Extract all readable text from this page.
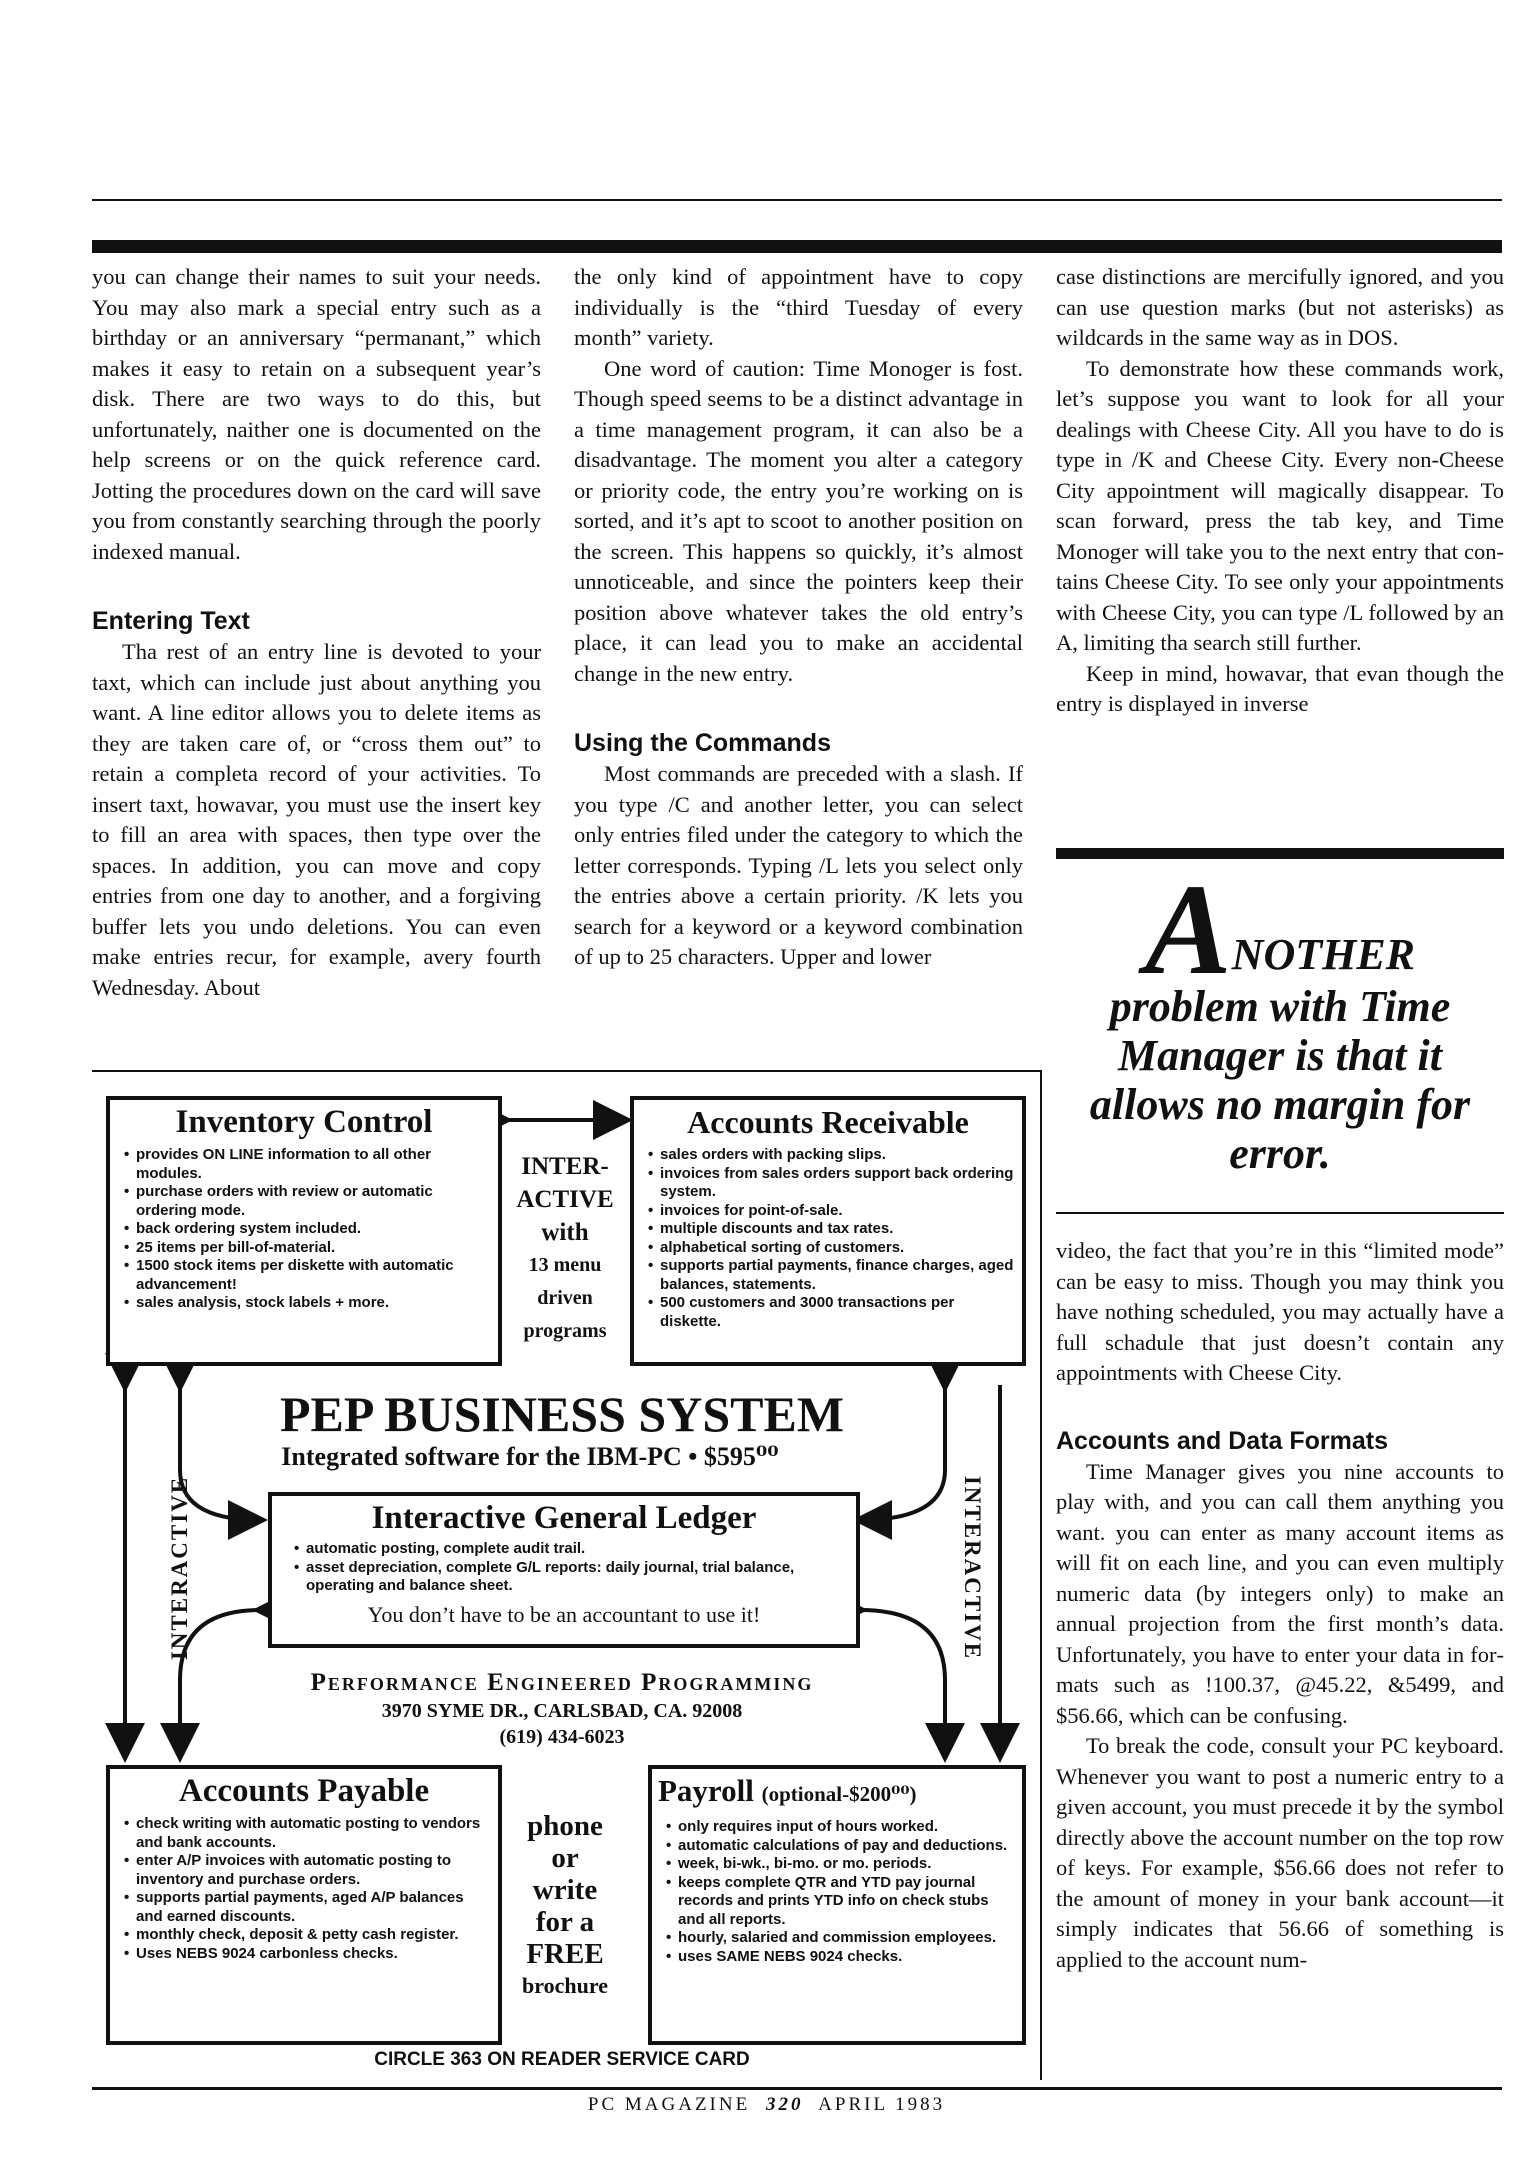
you can change their names to suit your needs. You may also mark a special entry such as a birthday or an anniversary “permanant,” which makes it easy to retain on a subsequent year’s disk. There are two ways to do this, but unfortunately, naither one is documented on the help screens or on the quick reference card. Jotting the procedures down on the card will save you from constantly searching through the poorly indexed manual.

Entering Text

Tha rest of an entry line is devoted to your taxt, which can include just about anything you want. A line editor allows you to delete items as they are taken care of, or “cross them out” to retain a completa record of your activities. To insert taxt, howavar, you must use the insert key to fill an area with spaces, then type over the spaces. In addition, you can move and copy entries from one day to another, and a forgiving buffer lets you undo deletions. You can even make entries recur, for example, avery fourth Wednesday. About

the only kind of appointment have to copy individually is the “third Tuesday of every month” variety.

One word of caution: Time Monoger is fost. Though speed seems to be a distinct advantage in a time management program, it can also be a disadvantage. The moment you alter a category or priority code, the entry you’re working on is sorted, and it’s apt to scoot to another position on the screen. This happens so quickly, it’s almost unnoticeable, and since the pointers keep their position above whatever takes the old entry’s place, it can lead you to make an accidental change in the new entry.

Using the Commands

Most commands are preceded with a slash. If you type /C and another letter, you can select only entries filed under the category to which the letter corresponds. Typing /L lets you select only the entries above a certain priority. /K lets you search for a keyword or a keyword combination of up to 25 characters. Upper and lower

case distinctions are mercifully ignored, and you can use question marks (but not asterisks) as wildcards in the same way as in DOS.

To demonstrate how these commands work, let’s suppose you want to look for all your dealings with Cheese City. All you have to do is type in /K and Cheese City. Every non-Cheese City appointment will magically disappear. To scan forward, press the tab key, and Time Monoger will take you to the next entry that contains Cheese City. To see only your appointments with Cheese City, you can type /L followed by an A, limiting tha search still further.

Keep in mind, howavar, that evan though the entry is displayed in inverse

ANOTHER
problem with Time Manager is that it allows no margin for error.

video, the fact that you’re in this “limited mode” can be easy to miss. Though you may think you have nothing scheduled, you may actually have a full schadule that just doesn’t contain any appointments with Cheese City.

Accounts and Data Formats

Time Manager gives you nine accounts to play with, and you can call them anything you want. you can enter as many account items as will fit on each line, and you can even multiply numeric data (by integers only) to make an annual projection from the first month’s data. Unfortunately, you have to enter your data in formats such as !100.37, @45.22, &5499, and $56.66, which can be confusing.

To break the code, consult your PC keyboard. Whenever you want to post a numeric entry to a given account, you must precede it by the symbol directly above the account number on the top row of keys. For example, $56.66 does not refer to the amount of money in your bank account—it simply indicates that 56.66 of something is applied to the account num-

Inventory Control
• provides ON LINE information to all other modules.
• purchase orders with review or automatic ordering mode.
• back ordering system included.
• 25 items per bill-of-material.
• 1500 stock items per diskette with automatic advancement!
• sales analysis, stock labels + more.
INTER-
ACTIVE
with
13 menu
driven
programs
Accounts Receivable
• sales orders with packing slips.
• invoices from sales orders support back ordering system.
• invoices for point-of-sale.
• multiple discounts and tax rates.
• alphabetical sorting of customers.
• supports partial payments, finance charges, aged balances, statements.
• 500 customers and 3000 transactions per diskette.
PEP BUSINESS SYSTEM
Integrated software for the IBM-PC • $595⁰⁰
INTERACTIVE	INTERACTIVE
Interactive General Ledger
• automatic posting, complete audit trail.
• asset depreciation, complete G/L reports: daily journal, trial balance, operating and balance sheet.
You don’t have to be an accountant to use it!
Performance Engineered Programming
3970 SYME DR., CARLSBAD, CA. 92008
(619) 434-6023
Accounts Payable
• check writing with automatic posting to vendors and bank accounts.
• enter A/P invoices with automatic posting to inventory and purchase orders.
• supports partial payments, aged A/P balances and earned discounts.
• monthly check, deposit & petty cash register.
• Uses NEBS 9024 carbonless checks.
phone
or
write
for a
FREE
brochure
Payroll (optional-$200⁰⁰)
• only requires input of hours worked.
• automatic calculations of pay and deductions.
• week, bi-wk., bi-mo. or mo. periods.
• keeps complete QTR and YTD pay journal records and prints YTD info on check stubs and all reports.
• hourly, salaried and commission employees.
• uses SAME NEBS 9024 checks.
CIRCLE 363 ON READER SERVICE CARD
PC MAGAZINE 320 APRIL 1983
